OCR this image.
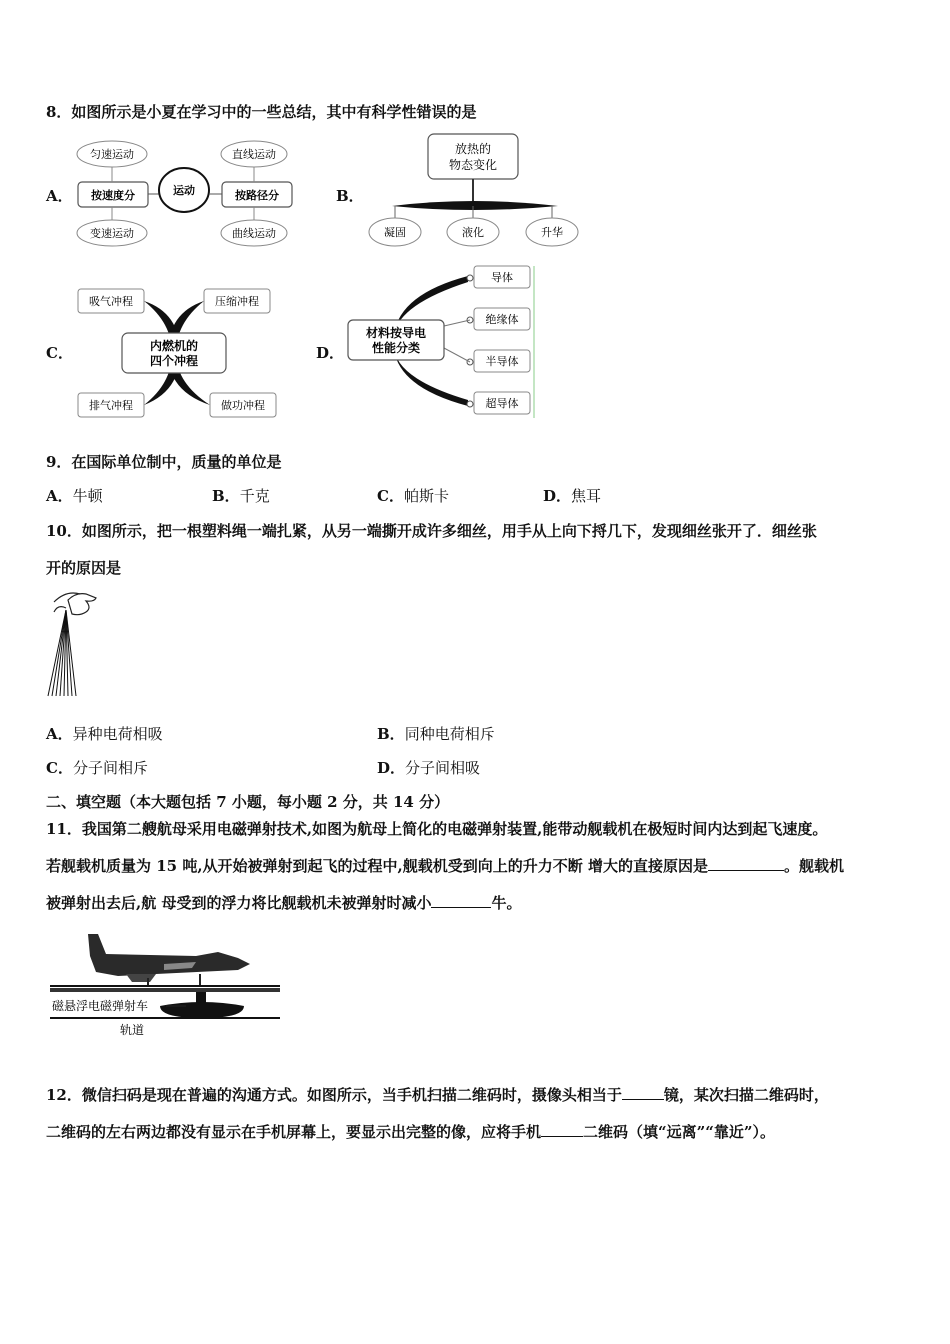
8．如图所示是小夏在学习中的一些总结，其中有科学性错误的是
A．
匀速运动
按速度分
变速运动
运动	按路径分
直线运动
曲线运动
B．
放热的
物态变化
凝固	液化	升华
C．
吸气冲程	压缩冲程
排气冲程	做功冲程
内燃机的
四个冲程	D．
导体
绝缘体
半导体
超导体
材料按导电
性能分类
9．在国际单位制中，质量的单位是
A．牛顿	B．千克	C．帕斯卡	D．焦耳
10．如图所示，把一根塑料绳一端扎紧，从另一端撕开成许多细丝，用手从上向下捋几下，发现细丝张开了．细丝张
开的原因是
A．异种电荷相吸	B．同种电荷相斥
C．分子间相斥	D．分子间相吸
二、填空题（本大题包括 7 小题，每小题 2 分，共 14 分）
11．我国第二艘航母采用电磁弹射技术,如图为航母上简化的电磁弹射装置,能带动舰载机在极短时间内达到起飞速度。
若舰载机质量为 15 吨,从开始被弹射到起飞的过程中,舰载机受到向上的升力不断 增大的直接原因是	。舰载机
被弹射出去后,航 母受到的浮力将比舰载机未被弹射时减小	牛。
磁悬浮电磁弹射车
轨道
12．微信扫码是现在普遍的沟通方式。如图所示，当手机扫描二维码时，摄像头相当于	镜，某次扫描二维码时，
二维码的左右两边都没有显示在手机屏幕上，要显示出完整的像，应将手机	二维码（填“远离”“靠近”）。
